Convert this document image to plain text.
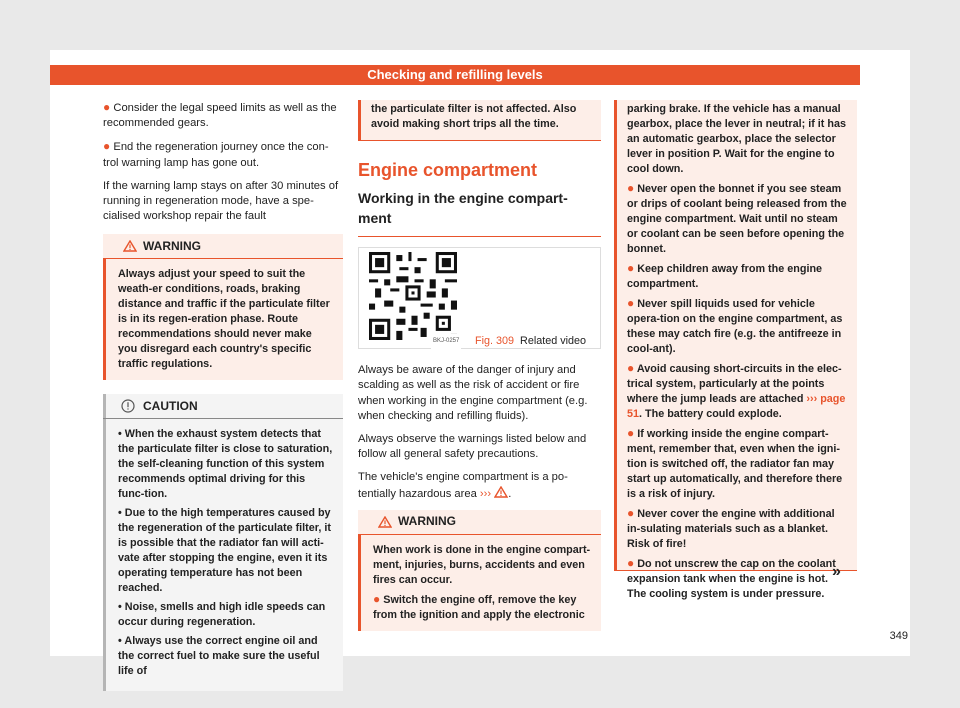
Checking and refilling levels

● Consider the legal speed limits as well as the recommended gears.

● End the regeneration journey once the con-trol warning lamp has gone out.

If the warning lamp stays on after 30 minutes of running in regeneration mode, have a spe-cialised workshop repair the fault

WARNING
Always adjust your speed to suit the weath-er conditions, roads, braking distance and traffic if the particulate filter is in its regen-eration phase. Route recommendations should never make you disregard each country's specific traffic regulations.
CAUTION
• When the exhaust system detects that the particulate filter is close to saturation, the self-cleaning function of this system recommends optimal driving for this func-tion.
• Due to the high temperatures caused by the regeneration of the particulate filter, it is possible that the radiator fan will acti-vate after stopping the engine, even it its operating temperature has not been reached.
• Noise, smells and high idle speeds can occur during regeneration.
• Always use the correct engine oil and the correct fuel to make sure the useful life of
the particulate filter is not affected. Also avoid making short trips all the time.
Engine compartment
Working in the engine compart-ment
BKJ-0257 Fig. 309 Related video

Always be aware of the danger of injury and scalding as well as the risk of accident or fire when working in the engine compartment (e.g. when checking and refilling fluids).

Always observe the warnings listed below and follow all general safety precautions.

The vehicle's engine compartment is a po-tentially hazardous area ››› .

WARNING
When work is done in the engine compart-ment, injuries, burns, accidents and even fires can occur.
● Switch the engine off, remove the key from the ignition and apply the electronic
parking brake. If the vehicle has a manual gearbox, place the lever in neutral; if it has an automatic gearbox, place the selector lever in position P. Wait for the engine to cool down.
● Never open the bonnet if you see steam or drips of coolant being released from the engine compartment. Wait until no steam or coolant can be seen before opening the bonnet.
● Keep children away from the engine compartment.
● Never spill liquids used for vehicle opera-tion on the engine compartment, as these may catch fire (e.g. the antifreeze in cool-ant).
● Avoid causing short-circuits in the elec-trical system, particularly at the points where the jump leads are attached ››› page 51. The battery could explode.
● If working inside the engine compart-ment, remember that, even when the igni-tion is switched off, the radiator fan may start up automatically, and therefore there is a risk of injury.
● Never cover the engine with additional in-sulating materials such as a blanket. Risk of fire!
● Do not unscrew the cap on the coolant expansion tank when the engine is hot. The cooling system is under pressure.
»
349
